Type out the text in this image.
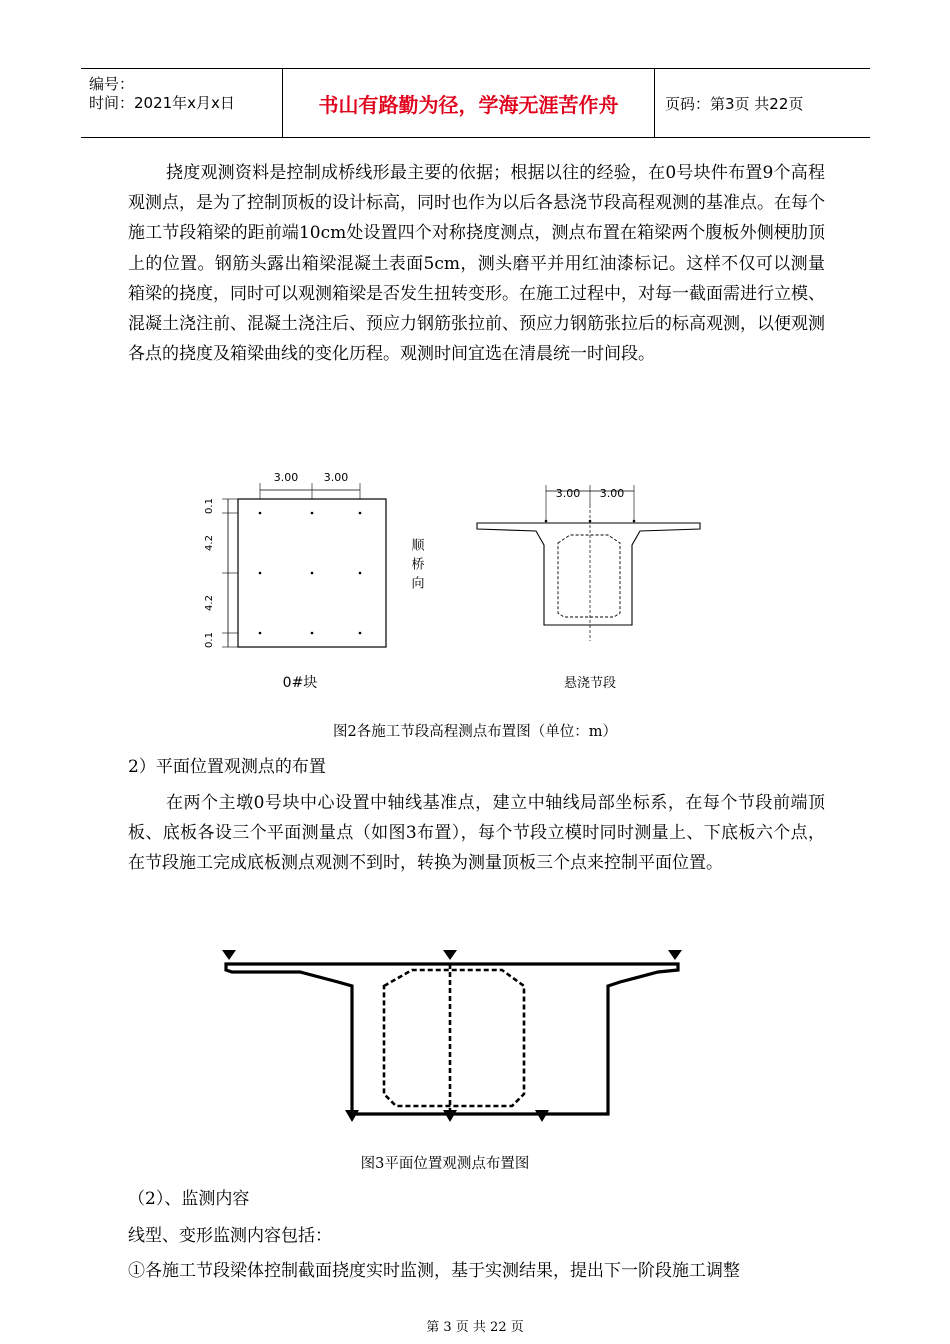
编号：
时间：2021年x月x日	书山有路勤为径，学海无涯苦作舟	页码：第3页 共22页
挠度观测资料是控制成桥线形最主要的依据；根据以往的经验，在0号块件布置9个高程观测点，是为了控制顶板的设计标高，同时也作为以后各悬浇节段高程观测的基准点。在每个施工节段箱梁的距前端10cm处设置四个对称挠度测点，测点布置在箱梁两个腹板外侧梗肋顶上的位置。钢筋头露出箱梁混凝土表面5cm，测头磨平并用红油漆标记。这样不仅可以测量箱梁的挠度，同时可以观测箱梁是否发生扭转变形。在施工过程中，对每一截面需进行立模、混凝土浇注前、混凝土浇注后、预应力钢筋张拉前、预应力钢筋张拉后的标高观测，以便观测各点的挠度及箱梁曲线的变化历程。观测时间宜选在清晨统一时间段。
3.00 3.00
0.1
4.2
4.2
0.1
顺桥向
0#块
3.00 3.00
悬浇节段
图2各施工节段高程测点布置图（单位：m）
2）平面位置观测点的布置
在两个主墩0号块中心设置中轴线基准点，建立中轴线局部坐标系，在每个节段前端顶板、底板各设三个平面测量点（如图3布置），每个节段立模时同时测量上、下底板六个点，在节段施工完成底板测点观测不到时，转换为测量顶板三个点来控制平面位置。
图3平面位置观测点布置图
（2）、监测内容
线型、变形监测内容包括：
①各施工节段梁体控制截面挠度实时监测，基于实测结果，提出下一阶段施工调整
第 3 页 共 22 页
